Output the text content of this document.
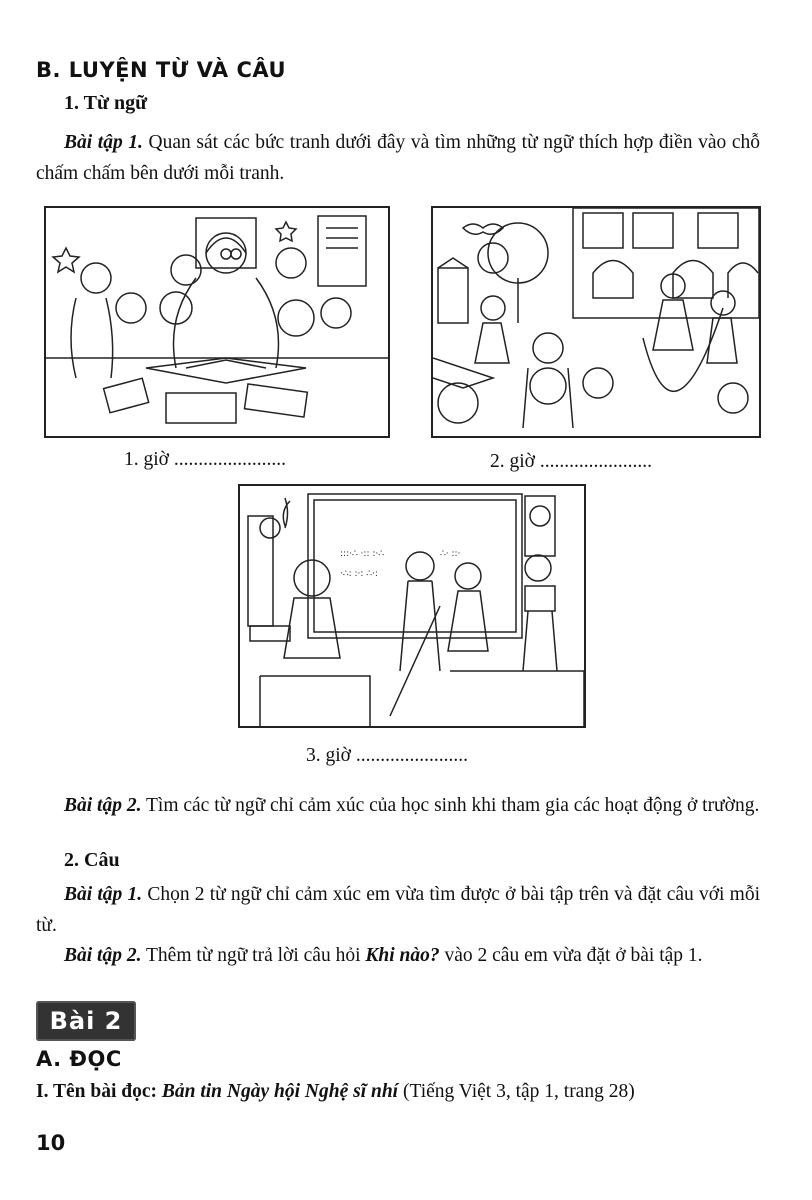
B. LUYỆN TỪ VÀ CÂU
1. Từ ngữ
Bài tập 1. Quan sát các bức tranh dưới đây và tìm những từ ngữ thích hợp điền vào chỗ chấm chấm bên dưới mỗi tranh.
1. giờ .......................	2. giờ .......................
:::·∴ ·:: :·∴
·∴: :·: ∴·:
∴· ::·
3. giờ .......................
Bài tập 2. Tìm các từ ngữ chỉ cảm xúc của học sinh khi tham gia các hoạt động ở trường.
2. Câu
Bài tập 1. Chọn 2 từ ngữ chỉ cảm xúc em vừa tìm được ở bài tập trên và đặt câu với mỗi từ.
Bài tập 2. Thêm từ ngữ trả lời câu hỏi Khi nào? vào 2 câu em vừa đặt ở bài tập 1.
Bài 2
A. ĐỌC
I. Tên bài đọc: Bản tin Ngày hội Nghệ sĩ nhí (Tiếng Việt 3, tập 1, trang 28)
10
